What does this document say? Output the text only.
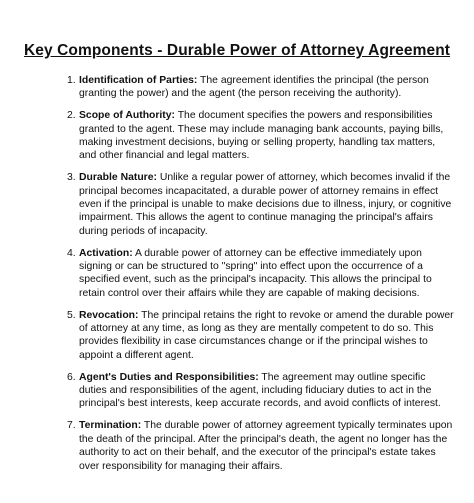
Key Components - Durable Power of Attorney Agreement
1. Identification of Parties: The agreement identifies the principal (the person granting the power) and the agent (the person receiving the authority).
2. Scope of Authority: The document specifies the powers and responsibilities granted to the agent. These may include managing bank accounts, paying bills, making investment decisions, buying or selling property, handling tax matters, and other financial and legal matters.
3. Durable Nature: Unlike a regular power of attorney, which becomes invalid if the principal becomes incapacitated, a durable power of attorney remains in effect even if the principal is unable to make decisions due to illness, injury, or cognitive impairment. This allows the agent to continue managing the principal's affairs during periods of incapacity.
4. Activation: A durable power of attorney can be effective immediately upon signing or can be structured to "spring" into effect upon the occurrence of a specified event, such as the principal's incapacity. This allows the principal to retain control over their affairs while they are capable of making decisions.
5. Revocation: The principal retains the right to revoke or amend the durable power of attorney at any time, as long as they are mentally competent to do so. This provides flexibility in case circumstances change or if the principal wishes to appoint a different agent.
6. Agent's Duties and Responsibilities: The agreement may outline specific duties and responsibilities of the agent, including fiduciary duties to act in the principal's best interests, keep accurate records, and avoid conflicts of interest.
7. Termination: The durable power of attorney agreement typically terminates upon the death of the principal. After the principal's death, the agent no longer has the authority to act on their behalf, and the executor of the principal's estate takes over responsibility for managing their affairs.
